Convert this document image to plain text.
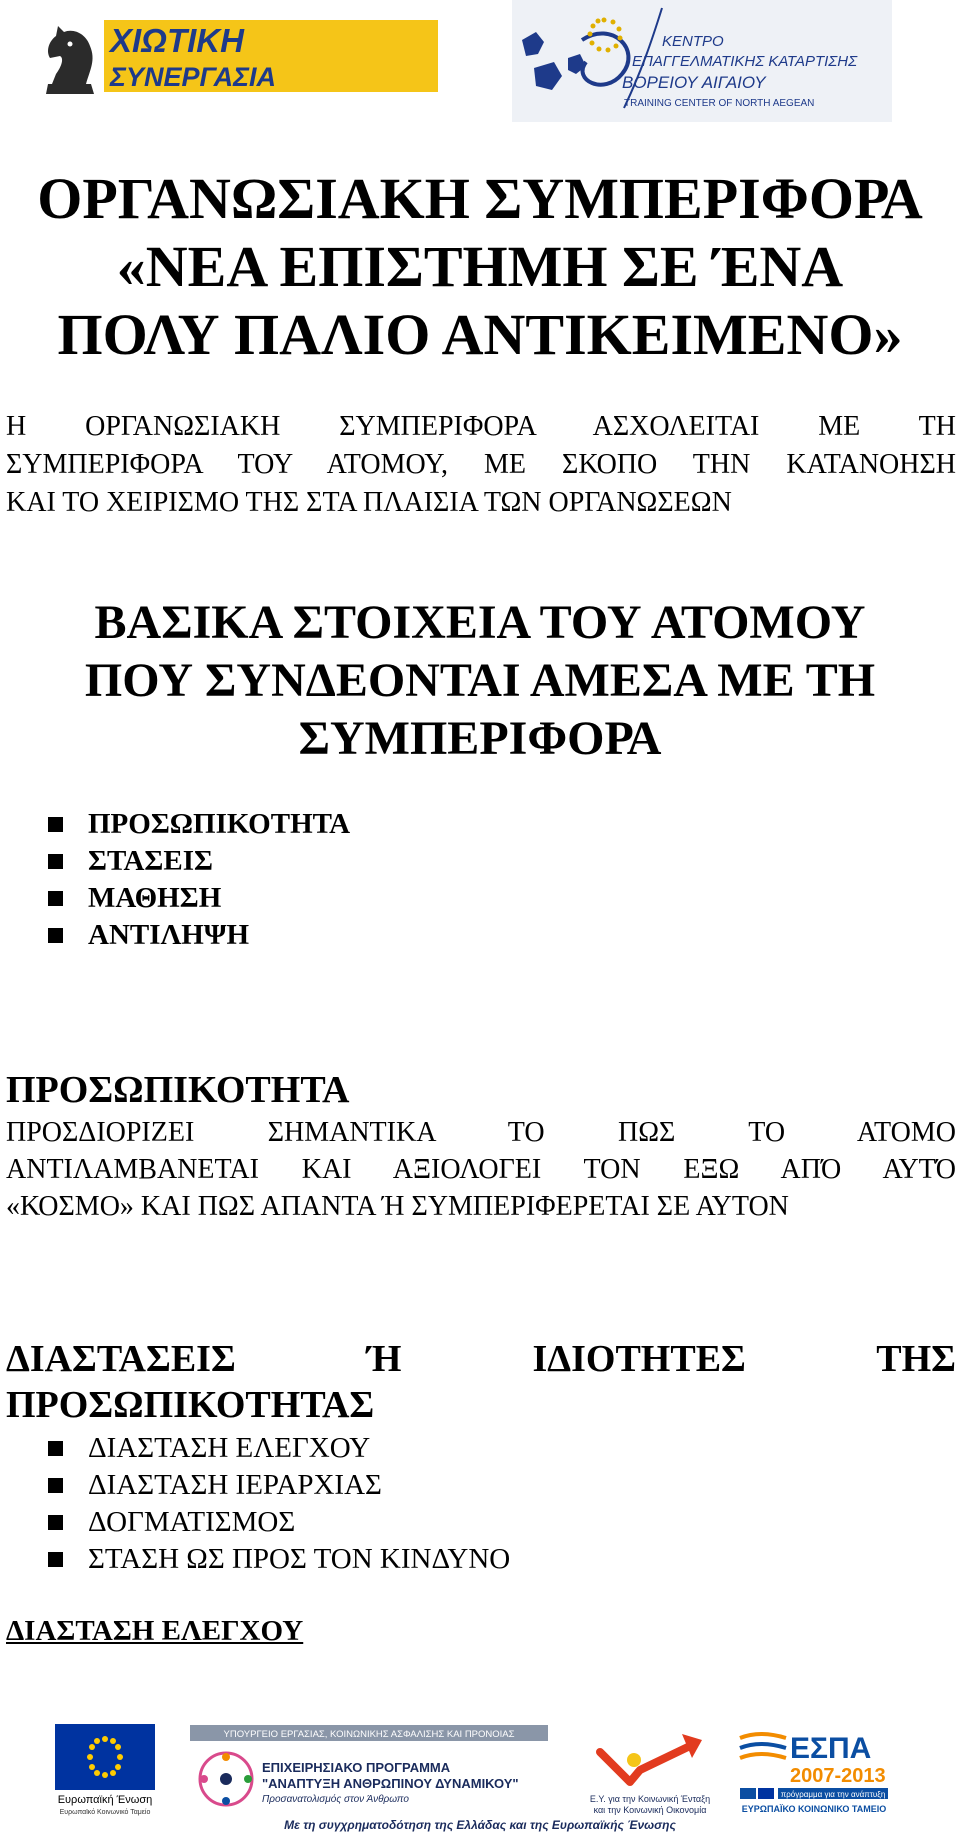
ΧΙΩΤΙΚΗ
ΣΥΝΕΡΓΑΣΙΑ
ΚΕΝΤΡΟ
ΕΠΑΓΓΕΛΜΑΤΙΚΗΣ ΚΑΤΑΡΤΙΣΗΣ
ΒΟΡΕΙΟΥ ΑΙΓΑΙΟΥ
TRAINING CENTER OF NORTH AEGEAN
ΟΡΓΑΝΩΣΙΑΚΗ ΣΥΜΠΕΡΙΦΟΡΑ
«ΝΕΑ ΕΠΙΣΤΗΜΗ ΣΕ ΈΝΑ
ΠΟΛΥ ΠΑΛΙΟ ΑΝΤΙΚΕΙΜΕΝΟ»
Η ΟΡΓΑΝΩΣΙΑΚΗ ΣΥΜΠΕΡΙΦΟΡΑ ΑΣΧΟΛΕΙΤΑΙ ΜΕ ΤΗ
ΣΥΜΠΕΡΙΦΟΡΑ ΤΟΥ ΑΤΟΜΟΥ, ΜΕ ΣΚΟΠΟ ΤΗΝ ΚΑΤΑΝΟΗΣΗ
ΚΑΙ ΤΟ ΧΕΙΡΙΣΜΟ ΤΗΣ ΣΤΑ ΠΛΑΙΣΙΑ ΤΩΝ ΟΡΓΑΝΩΣΕΩΝ
ΒΑΣΙΚΑ ΣΤΟΙΧΕΙΑ ΤΟΥ ΑΤΟΜΟΥ
ΠΟΥ ΣΥΝΔΕΟΝΤΑΙ ΑΜΕΣΑ ΜΕ ΤΗ
ΣΥΜΠΕΡΙΦΟΡΑ
ΠΡΟΣΩΠΙΚΟΤΗΤΑ
ΣΤΑΣΕΙΣ
ΜΑΘΗΣΗ
ΑΝΤΙΛΗΨΗ
ΠΡΟΣΩΠΙΚΟΤΗΤΑ
ΠΡΟΣΔΙΟΡΙΖΕΙ ΣΗΜΑΝΤΙΚΑ ΤΟ ΠΩΣ ΤΟ ΑΤΟΜΟ
ΑΝΤΙΛΑΜΒΑΝΕΤΑΙ ΚΑΙ ΑΞΙΟΛΟΓΕΙ ΤΟΝ ΕΞΩ ΑΠΌ ΑΥΤΌ
«ΚΟΣΜΟ» ΚΑΙ ΠΩΣ ΑΠΑΝΤΑ Ή ΣΥΜΠΕΡΙΦΕΡΕΤΑΙ ΣΕ ΑΥΤΟΝ
ΔΙΑΣΤΑΣΕΙΣ Ή ΙΔΙΟΤΗΤΕΣ ΤΗΣ
ΠΡΟΣΩΠΙΚΟΤΗΤΑΣ
ΔΙΑΣΤΑΣΗ ΕΛΕΓΧΟΥ
ΔΙΑΣΤΑΣΗ ΙΕΡΑΡΧΙΑΣ
ΔΟΓΜΑΤΙΣΜΟΣ
ΣΤΑΣΗ ΩΣ ΠΡΟΣ ΤΟΝ ΚΙΝΔΥΝΟ
ΔΙΑΣΤΑΣΗ ΕΛΕΓΧΟΥ
Ευρωπαϊκή Ένωση
Ευρωπαϊκό Κοινωνικό Ταμείο
ΥΠΟΥΡΓΕΙΟ ΕΡΓΑΣΙΑΣ, ΚΟΙΝΩΝΙΚΗΣ ΑΣΦΑΛΙΣΗΣ ΚΑΙ ΠΡΟΝΟΙΑΣ
ΕΠΙΧΕΙΡΗΣΙΑΚΟ ΠΡΟΓΡΑΜΜΑ
"ΑΝΑΠΤΥΞΗ ΑΝΘΡΩΠΙΝΟΥ ΔΥΝΑΜΙΚΟΥ"
Προσανατολισμός στον Άνθρωπο	Ε.Υ. για την Κοινωνική Ένταξη
και την Κοινωνική Οικονομία
ΕΣΠΑ
2007-2013
πρόγραμμα για την ανάπτυξη
ΕΥΡΩΠΑΪΚΟ ΚΟΙΝΩΝΙΚΟ ΤΑΜΕΙΟ
Με τη συγχρηματοδότηση της Ελλάδας και της Ευρωπαϊκής Ένωσης
